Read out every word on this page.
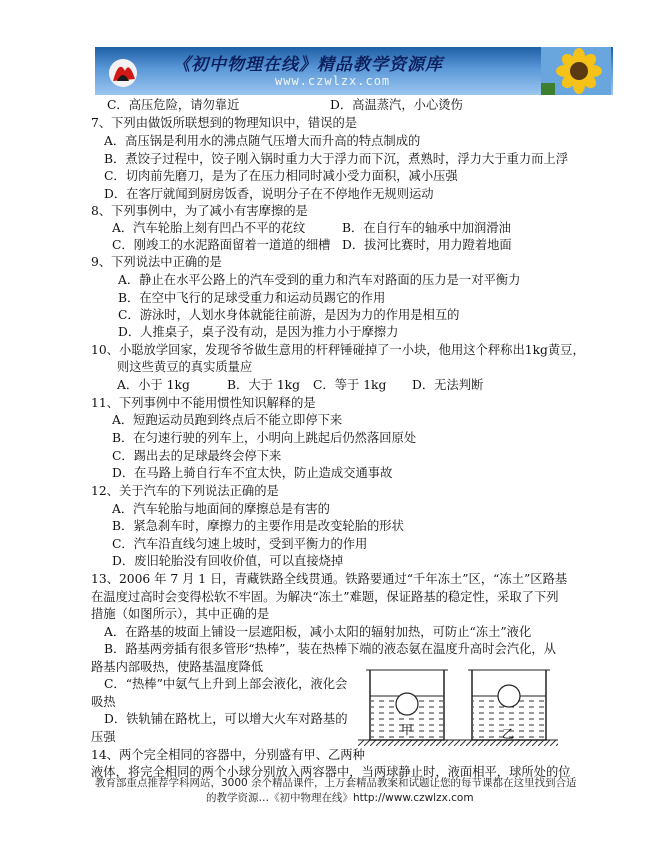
《初中物理在线》精品教学资源库
www.czwlzx.com
C．高压危险，请勿靠近	D．高温蒸汽，小心烫伤
7、下列由做饭所联想到的物理知识中，错误的是
A．高压锅是利用水的沸点随气压增大而升高的特点制成的
B．煮饺子过程中，饺子刚入锅时重力大于浮力而下沉，煮熟时，浮力大于重力而上浮
C．切肉前先磨刀，是为了在压力相同时减小受力面积，减小压强
D．在客厅就闻到厨房饭香，说明分子在不停地作无规则运动
8、下列事例中，为了减小有害摩擦的是
A．汽车轮胎上刻有凹凸不平的花纹	B．在自行车的轴承中加润滑油
C．刚竣工的水泥路面留着一道道的细槽 D．拔河比赛时，用力蹬着地面
9、下列说法中正确的是
A．静止在水平公路上的汽车受到的重力和汽车对路面的压力是一对平衡力
B．在空中飞行的足球受重力和运动员踢它的作用
C．游泳时，人划水身体就能往前游，是因为力的作用是相互的
D．人推桌子，桌子没有动，是因为推力小于摩擦力
10、小聪放学回家，发现爷爷做生意用的杆秤锤碰掉了一小块，他用这个秤称出1kg黄豆，
则这些黄豆的真实质量应
A．小于 1kg	B．大于 1kg C．等于 1kg D．无法判断
11、下列事例中不能用惯性知识解释的是
A．短跑运动员跑到终点后不能立即停下来
B．在匀速行驶的列车上，小明向上跳起后仍然落回原处
C．踢出去的足球最终会停下来
D．在马路上骑自行车不宜太快，防止造成交通事故
12、关于汽车的下列说法正确的是
A．汽车轮胎与地面间的摩擦总是有害的
B．紧急刹车时，摩擦力的主要作用是改变轮胎的形状
C．汽车沿直线匀速上坡时，受到平衡力的作用
D．废旧轮胎没有回收价值，可以直接烧掉
13、2006 年 7 月 1 日，青藏铁路全线贯通。铁路要通过“千年冻土”区，“冻土”区路基
在温度过高时会变得松软不牢固。为解决“冻土”难题，保证路基的稳定性，采取了下列
措施（如图所示），其中正确的是
A．在路基的坡面上铺设一层遮阳板，减小太阳的辐射加热，可防止“冻土”液化
B．路基两旁插有很多管形“热棒”，装在热棒下端的液态氨在温度升高时会汽化，从
路基内部吸热，使路基温度降低
C．“热棒”中氨气上升到上部会液化，液化会
吸热
D．铁轨铺在路枕上，可以增大火车对路基的
压强
14、两个完全相同的容器中，分别盛有甲、乙两种
液体，将完全相同的两个小球分别放入两容器中，当两球静止时，液面相平，球所处的位
甲	乙
教育部重点推荐学科网站，3000 余个精品课件，上万套精品教案和试题让您的每节课都在这里找到合适
的教学资源…《初中物理在线》http://www.czwlzx.com
